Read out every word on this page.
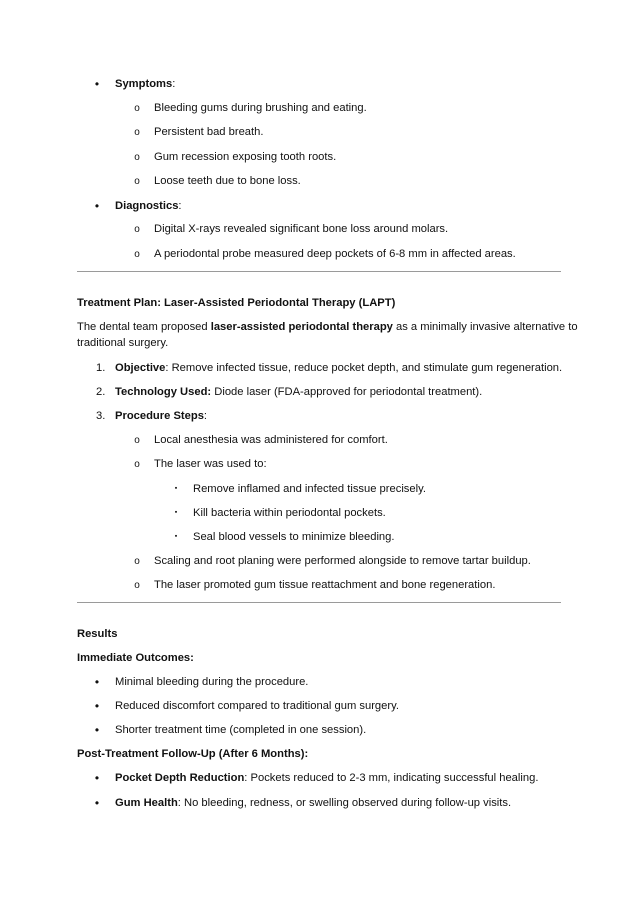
• Symptoms:
o Bleeding gums during brushing and eating.
o Persistent bad breath.
o Gum recession exposing tooth roots.
o Loose teeth due to bone loss.
• Diagnostics:
o Digital X-rays revealed significant bone loss around molars.
o A periodontal probe measured deep pockets of 6-8 mm in affected areas.
Treatment Plan: Laser-Assisted Periodontal Therapy (LAPT)
The dental team proposed laser-assisted periodontal therapy as a minimally invasive alternative to
traditional surgery.
1. Objective: Remove infected tissue, reduce pocket depth, and stimulate gum regeneration.
2. Technology Used: Diode laser (FDA-approved for periodontal treatment).
3. Procedure Steps:
o Local anesthesia was administered for comfort.
o The laser was used to:
▪	Remove inflamed and infected tissue precisely.
▪	Kill bacteria within periodontal pockets.
▪	Seal blood vessels to minimize bleeding.
o Scaling and root planing were performed alongside to remove tartar buildup.
o The laser promoted gum tissue reattachment and bone regeneration.
Results
Immediate Outcomes:
• Minimal bleeding during the procedure.
• Reduced discomfort compared to traditional gum surgery.
• Shorter treatment time (completed in one session).
Post-Treatment Follow-Up (After 6 Months):
• Pocket Depth Reduction: Pockets reduced to 2-3 mm, indicating successful healing.
• Gum Health: No bleeding, redness, or swelling observed during follow-up visits.
